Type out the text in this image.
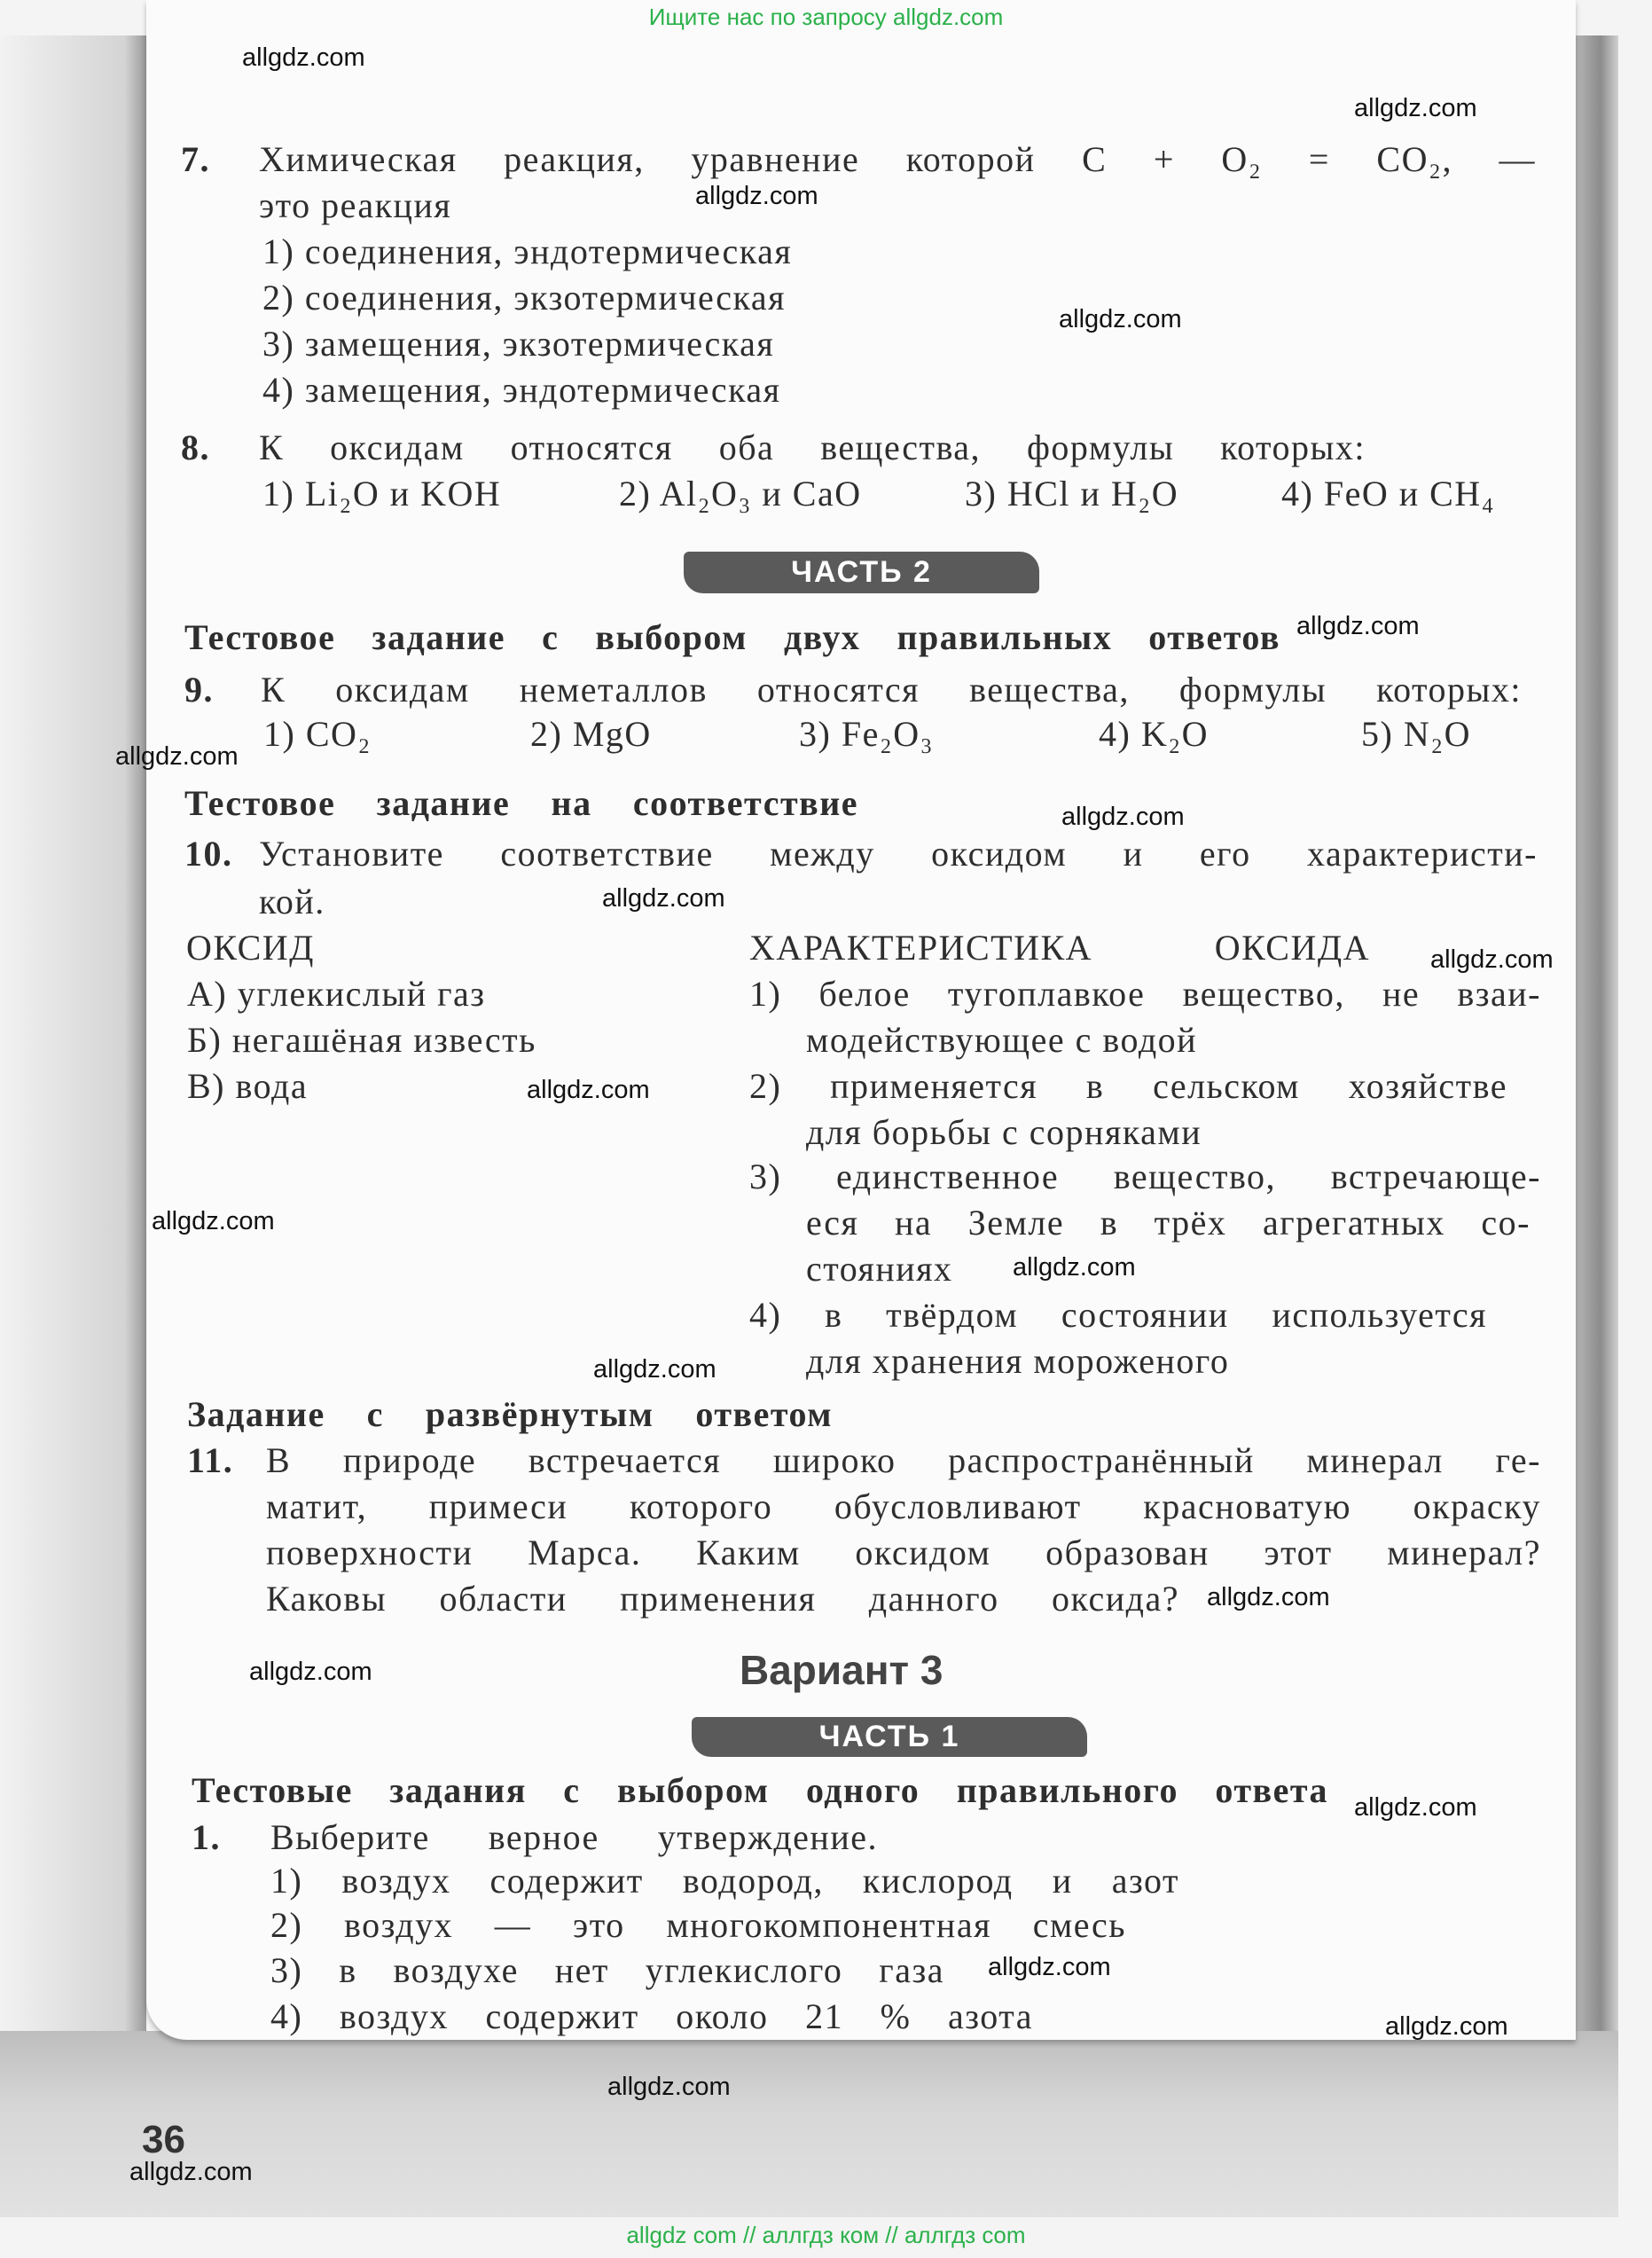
Ищите нас по запросу allgdz.com
7. Химическая реакция, уравнение которой C + O₂ = CO₂, —
это реакция
1) соединения, эндотермическая
2) соединения, экзотермическая
3) замещения, экзотермическая
4) замещения, эндотермическая
8. К оксидам относятся оба вещества, формулы которых:
1) Li₂O и KOH	2) Al₂O₃ и CaO	3) HCl и H₂O	4) FeO и CH₄
ЧАСТЬ 2
Тестовое задание с выбором двух правильных ответов
9. К оксидам неметаллов относятся вещества, формулы которых:
1) CO₂	2) MgO	3) Fe₂O₃	4) K₂O	5) N₂O
Тестовое задание на соответствие
10. Установите соответствие между оксидом и его характеристи-
кой.
ОКСИД	ХАРАКТЕРИСТИКА ОКСИДА
А) углекислый газ
Б) негашёная известь
В) вода
1) белое тугоплавкое вещество, не взаи-
модействующее с водой
2) применяется в сельском хозяйстве
для борьбы с сорняками
3) единственное вещество, встречающе-
еся на Земле в трёх агрегатных со-
стояниях
4) в твёрдом состоянии используется
для хранения мороженого
Задание с развёрнутым ответом
11. В природе встречается широко распространённый минерал ге-
матит, примеси которого обусловливают красноватую окраску
поверхности Марса. Каким оксидом образован этот минерал?
Каковы области применения данного оксида?
Вариант 3
ЧАСТЬ 1
Тестовые задания с выбором одного правильного ответа
1. Выберите верное утверждение.
1) воздух содержит водород, кислород и азот
2) воздух — это многокомпонентная смесь
3) в воздухе нет углекислого газа
4) воздух содержит около 21 % азота
36
allgdz.com
allgdz.com
allgdz.com
allgdz.com
allgdz.com
allgdz.com
allgdz.com
allgdz.com
allgdz.com
allgdz.com
allgdz.com
allgdz.com
allgdz.com
allgdz.com
allgdz.com
allgdz.com
allgdz.com
allgdz.com
allgdz.com
allgdz.com
allgdz com // аллгдз ком // аллгдз com
